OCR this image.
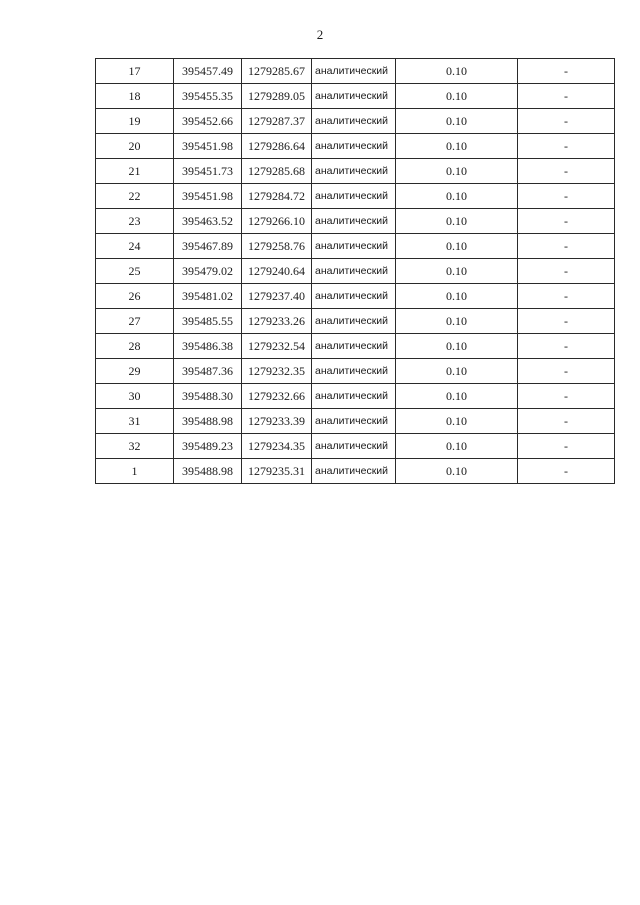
2
17	395457.49	1279285.67	аналитический	0.10	-
18	395455.35	1279289.05	аналитический	0.10	-
19	395452.66	1279287.37	аналитический	0.10	-
20	395451.98	1279286.64	аналитический	0.10	-
21	395451.73	1279285.68	аналитический	0.10	-
22	395451.98	1279284.72	аналитический	0.10	-
23	395463.52	1279266.10	аналитический	0.10	-
24	395467.89	1279258.76	аналитический	0.10	-
25	395479.02	1279240.64	аналитический	0.10	-
26	395481.02	1279237.40	аналитический	0.10	-
27	395485.55	1279233.26	аналитический	0.10	-
28	395486.38	1279232.54	аналитический	0.10	-
29	395487.36	1279232.35	аналитический	0.10	-
30	395488.30	1279232.66	аналитический	0.10	-
31	395488.98	1279233.39	аналитический	0.10	-
32	395489.23	1279234.35	аналитический	0.10	-
1	395488.98	1279235.31	аналитический	0.10	-
